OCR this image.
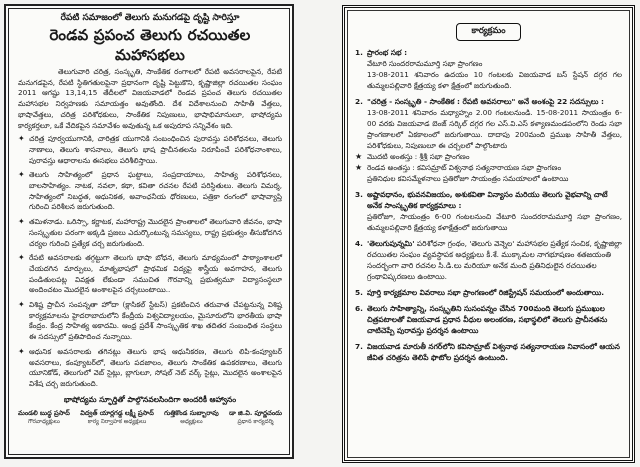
రేపటి సమాజంలో తెలుగు మనుగడపై దృష్టి సారిస్తూ
రెండవ ప్రపంచ తెలుగు రచయితల మహాసభలు

తెలుగువారి చరిత్ర, సంస్కృతి, సాంకేతిక రంగాలలో రేపటి అవసరాలపైన, రేపటి మనుగడపైన, రేపటి స్థితిగతులపైనా ప్రధానంగా దృష్టి పెట్టుకొని, కృష్ణాజిల్లా రచయితల సంఘం 2011 ఆగష్టు 13,14,15 తేదీలలో విజయవాడలో రెండవ ప్రపంచ తెలుగు రచయితల మహాసభల నిర్వహణకు సమాయత్తం అవుతోంది. దేశ విదేశాలనుంచి సాహితీ వేత్తలు, భాషావేత్తలు, చరిత్ర పరిశోధకులు, సాంకేతిక నిపుణులు, భాషాభిమానులూ, భాషోద్యమ కార్యకర్తలూ, ఒకే వేదికపైన సమావేశం అవుతున్న ఒక అపురూప సన్నివేశం ఇది.

✦ చరిత్ర పూర్వయుగానికి, చారిత్రక యుగానికి సంబంధించిన పురావస్తు పరిశోధనలు, తెలుగు నాణాలు, తెలుగు శాసనాలు, తెలుగు భాష ప్రాచీనతలను నిరూపించే పరిశోధనాంశాలు, పురావస్తు ఆధారాలను ఈసభలు పరిశీలిస్తాయి.
✦ తెలుగు సాహిత్యంలో ప్రధాన ఘట్టాలు, సంప్రదాయాలు, సాహిత్య పరిశోధనలు, బాలసాహిత్యం. నాటక, నవలా, కథా, కవితా రచనల రేపటి పరిస్థితులు. తెలుగు విమర్శ, సాహిత్యంలో నిబద్ధత, ఆధునికత, అవాంఛనీయ ధోరణులు, పత్రికా రంగంలో భాషావ్యాప్తి గురించి పరిశీలన జరుగుతుంది.
✦ తమిళనాడు. ఒరిస్సా, కర్ణాటక, మహారాష్ట్ర మొదలైన ప్రాంతాలలో తెలుగువారి జీవనం, భాషా సంస్కృతుల పరంగా అక్కడి ప్రజలు ఎదుర్కొంటున్న సమస్యలు, రాష్ట్ర ప్రభుత్వం తీసుకోదగిన చర్యల గురించి ప్రత్యేక చర్చ జరుగుతుంది.
✦ రేపటి అవసరాలకు తగ్గట్టుగా తెలుగు భాషా బోధన, తెలుగు మాధ్యమంలో పాఠ్యాంశాలలో చేయదగిన మార్పులు, మాతృభాషలో ప్రాథమిక విద్యపై శాస్త్రీయ అవగాహన, తెలుగు పండితులపట్ల వివక్షత లేకుండా సముచిత గౌరవాన్ని ప్రభుత్వమూ విద్యాసంస్థలూ అందించటం మొదలైన అంశాలపైన చర్చలుంటాయి..
✦ విశిష్ట ప్రాచీన సంపన్నతా హోదా (క్లాసికల్ స్టేటస్) ప్రకటించిన తరువాత చేపట్టనున్న విశిష్ట కార్యక్రమాలను హైదరాబాదులోని కేంద్రీయ విశ్వవిద్యాలయం, మైసూరులోని భారతీయ భాషా కేంద్రం. కేంద్ర సాహిత్య అకాదమి. ఆంధ్ర ప్రదేశ్ సాంస్కృతిక శాఖ తదితర సంబంధిత సంస్థలు ఈ సదస్సులో ప్రతిపాదించ నున్నాయి.
✦ ఆధునిక అవసరాలకు తగినట్లు తెలుగు భాష ఆధునీకరణ, తెలుగు లిపి-కంప్యూటర్ అవసరాలు, కంప్యూటర్‌లో, తెలుగు పదజాలం, తెలుగు సాంకేతిక ఉపకరణాలు, తెలుగు యూనికోడ్, తెలుగులో వెబ్ సైట్లు, బ్లాగులూ, సోషల్ నెట్ వర్క్ సైట్లు, మొదలైన అంశాలపైన విశేష చర్చ జరుగుతుంది.
భాషోద్యమ స్ఫూర్తితో పాల్గొనవలసిందిగా అందరికీ ఆహ్వానం
మండలి బుద్ధ ప్రసాద్
గౌరవాధ్యక్షులు
విద్వత్ యార్లగడ్డ లక్ష్మీ ప్రసాద్
కార్య నిర్వాహక అధ్యక్షులు
గుత్తికొండ సుబ్బారావు
అధ్యక్షులు
డా జి.వి. పూర్ణచందు
ప్రధాన కార్యదర్శి
కార్యక్రమం
1. ప్రారంభ సభ :
వేటూరి సుందరరామమూర్తి సభా ప్రాంగణం
13-08-2011 శనివారం ఉదయం 10 గంటలకు విజయవాడ బస్ స్టేషన్ దగ్గర గల తుమ్మలపల్లివారి క్షేత్రయ్య కళా క్షేత్రంలో జరుగుతుంది.
2. "చరిత్ర - సంస్కృతి - సాంకేతిక : రేపటి అవసరాలు" అనే అంశంపై 22 సదస్సులు :
13-08-2011 శనివారం మధ్యాహ్నం 2.00 గంటలనుండి. 15-08-2011 సాయంత్రం 6-00 వరకు విజయవాడ బెంజ్ సర్కిల్ దగ్గర గల ఎస్.వి.ఎస్ కళ్యాణమండపంలోని రెండు సభా ప్రాంగణాలలో ఏకకాలంలో జరుగుతాయి. దాదాపు 200మంది ప్రముఖ సాహితీ వేత్తలు, పరిశోధకులు, నిపుణులూ ఈ చర్చలలో పాల్గొంటారు
★ మొదటి అంతస్తు : శ్రీశ్రీ సభా ప్రాంగణం
★ రెండవ అంతస్తు : కవిసమ్రాట్ విశ్వనాథ సత్యనారాయణ సభా ప్రాంగణం
ప్రతినిధుల కవిసమ్మేళనాలు ప్రతిరోజూ సాయంత్రం సమయాలలో ఉంటాయి
3. అష్టావధానం, భువనవిజయం, అశుకవితా విన్యాసం మరియు తెలుగు వైభవాన్ని చాటే అనేక సాంస్కృతిక కార్యక్రమాలు :
ప్రతిరోజూ, సాయంత్రం 6-00 గంటలనుంచి వేటూరి సుందరరామమూర్తి సభా ప్రాంగణం, తుమ్మలపల్లివారి క్షేత్రయ్య కళాక్షేత్రంలో జరుగుతాయి
4. 'తెలుగుపున్నమి' పరిశోధనా గ్రంథం, 'తెలుగు వెన్నెల' మహాసభల ప్రత్యేక సంచిక, కృష్ణాజిల్లా రచయితల సంఘం వ్యవస్థాపక అధ్యక్షులు కీ.శే. ముక్కామల నాగభూషణం శతజయంతి సందర్భంగా వారి రచనల సి.డి.లు మరియూ అనేక మంది ప్రతినిధులైన రచయితల గ్రంథావిష్కరణలు ఉంటాయి.
5. పూర్తి కార్యక్రమాల వివరాలు సభా ప్రాంగణంలో రిజిస్ట్రేషన్ సమయంలో అందుతాయి.
6. తెలుగు సాహిత్యాన్ని, సంస్కృతిని సుసంపన్నం చేసిన 700మంది తెలుగు ప్రముఖుల చిత్రపటాలతో విజయవాడ ప్రధాన వీధుల అలంకరణ, సభాస్థలిలో తెలుగు ప్రాచీనతను చాటిచెప్పే పురావస్తు ప్రదర్శన ఉంటాయి
7. విజయవాడ మారుతీ నగర్‌లోని కవిసామ్రాట్ విశ్వనాథ సత్యనారాయణ నివాసంలో ఆయన జీవిత చరిత్రను తెలిపే ఫొటోల ప్రదర్శన ఉంటుంది.
